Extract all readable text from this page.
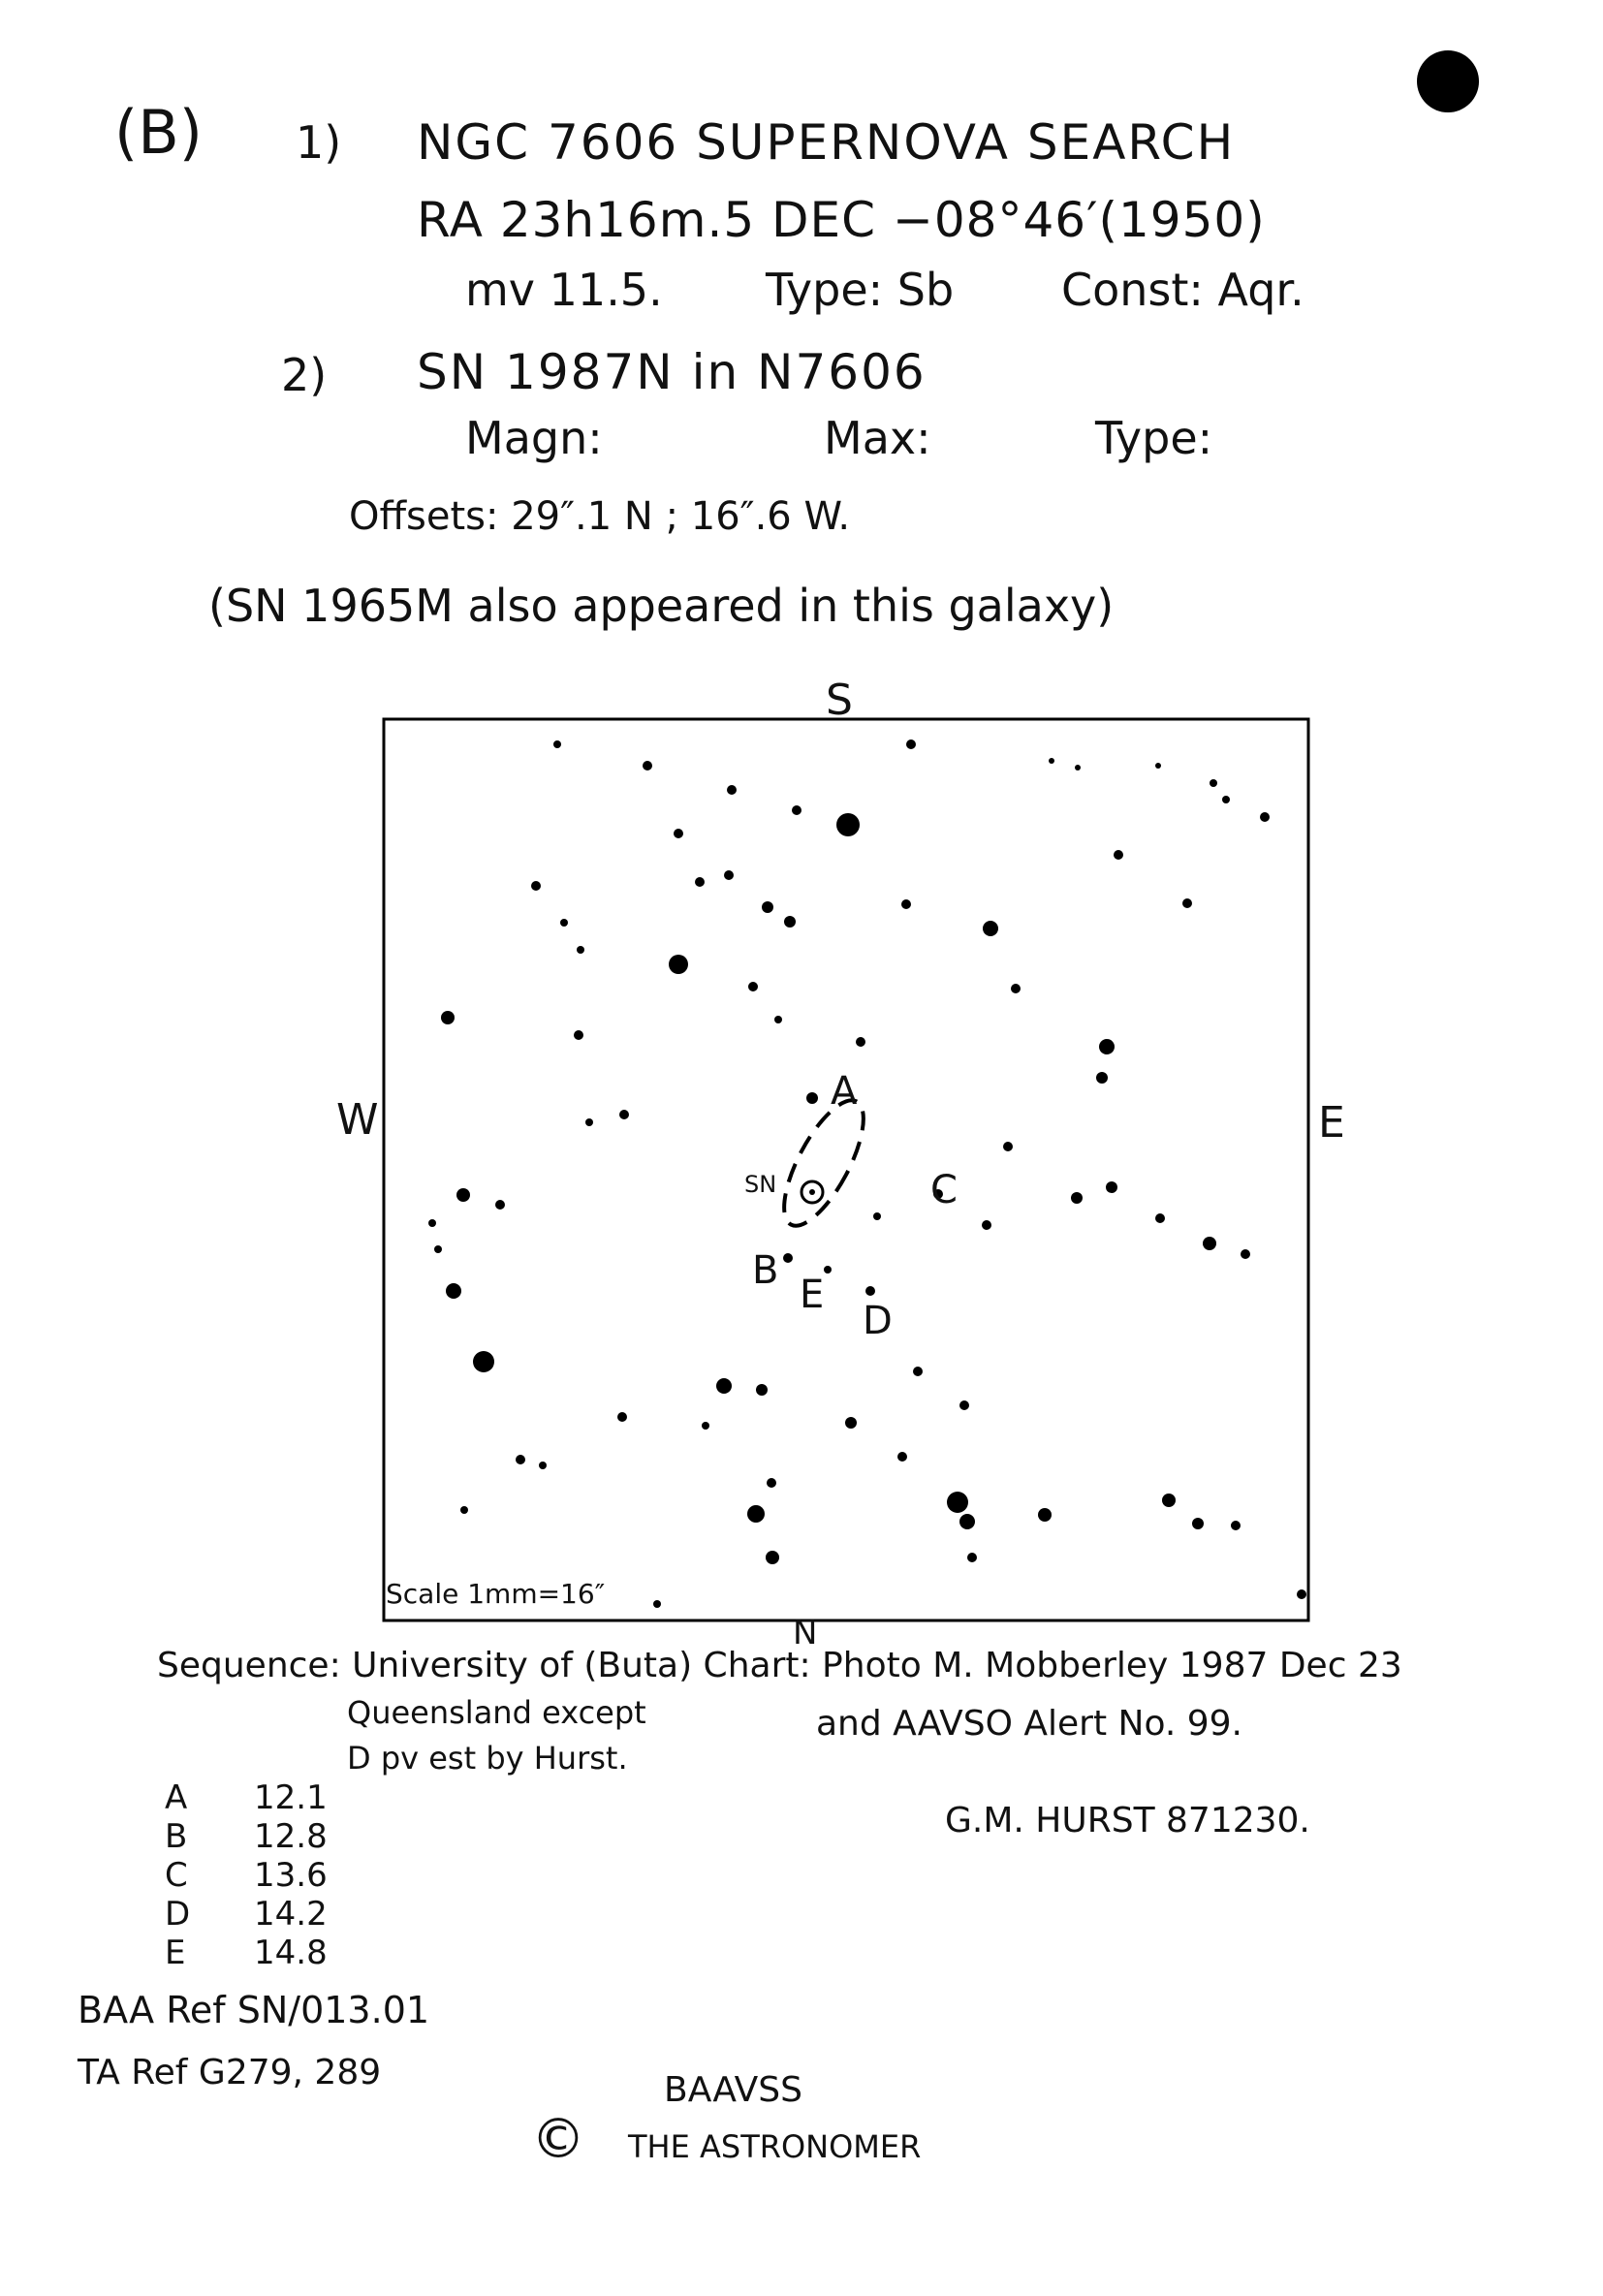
(B) 1) NGC 7606 SUPERNOVA SEARCH
RA 23h16m.5 DEC −08°46′(1950)
mv 11.5. Type: Sb Const: Aqr.
2) SN 1987N in N7606
Magn:	Max:	Type:
Offsets: 29″.1 N ; 16″.6 W.
(SN 1965M also appeared in this galaxy)
S
N
W	E
Scale 1mm=16″
A
SN	C
B
E
D
Sequence: University of (Buta) Chart: Photo M. Mobberley 1987 Dec 23
Queensland except	and AAVSO Alert No. 99.
D pv est by Hurst.
A 12.1
B 12.8
C 13.6
D 14.2
E 14.8
G.M. HURST 871230.
BAA Ref SN/013.01
TA Ref G279, 289	BAAVSS
© THE ASTRONOMER
